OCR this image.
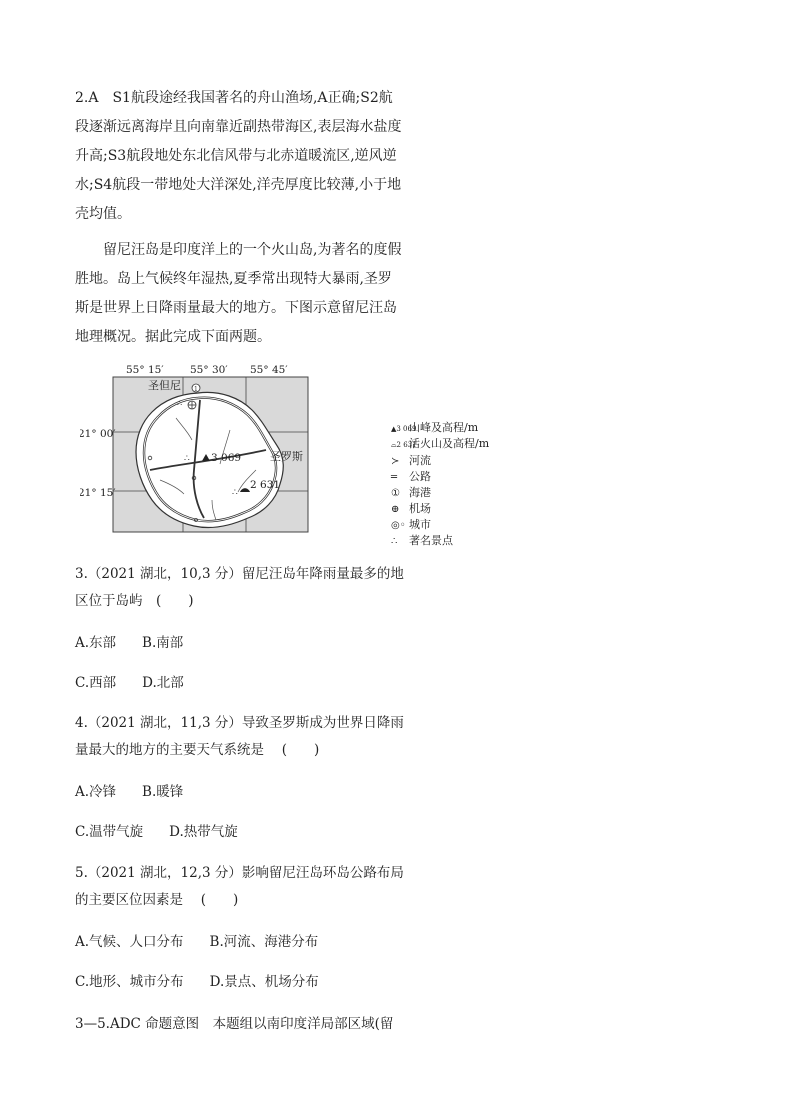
2.A　S1航段途经我国著名的舟山渔场,A正确;S2航段逐渐远离海岸且向南靠近副热带海区,表层海水盐度升高;S3航段地处东北信风带与北赤道暖流区,逆风逆水;S4航段一带地处大洋深处,洋壳厚度比较薄,小于地壳均值。
留尼汪岛是印度洋上的一个火山岛,为著名的度假胜地。岛上气候终年湿热,夏季常出现特大暴雨,圣罗斯是世界上日降雨量最大的地方。下图示意留尼汪岛地理概况。据此完成下面两题。
1
∴
∴
∴
圣但尼
圣罗斯
3 069
2 631
55° 15′	55° 30′ 55° 45′
21° 00′
21° 15′
▲3 069山峰及高程/m
⌓2 631活火山及高程/m
≻ 河流
═ 公路
① 海港
⊕ 机场
◎◦ 城市
∴ 著名景点
3.（2021 湖北，10,3 分）留尼汪岛年降雨量最多的地区位于岛屿　(　　)
A.东部 B.南部
C.西部 D.北部
4.（2021 湖北，11,3 分）导致圣罗斯成为世界日降雨量最大的地方的主要天气系统是　 (　　)
A.冷锋 B.暖锋
C.温带气旋 D.热带气旋
5.（2021 湖北，12,3 分）影响留尼汪岛环岛公路布局的主要区位因素是　 (　　)
A.气候、人口分布 B.河流、海港分布
C.地形、城市分布 D.景点、机场分布
3—5.ADC 命题意图　本题组以南印度洋局部区域(留
